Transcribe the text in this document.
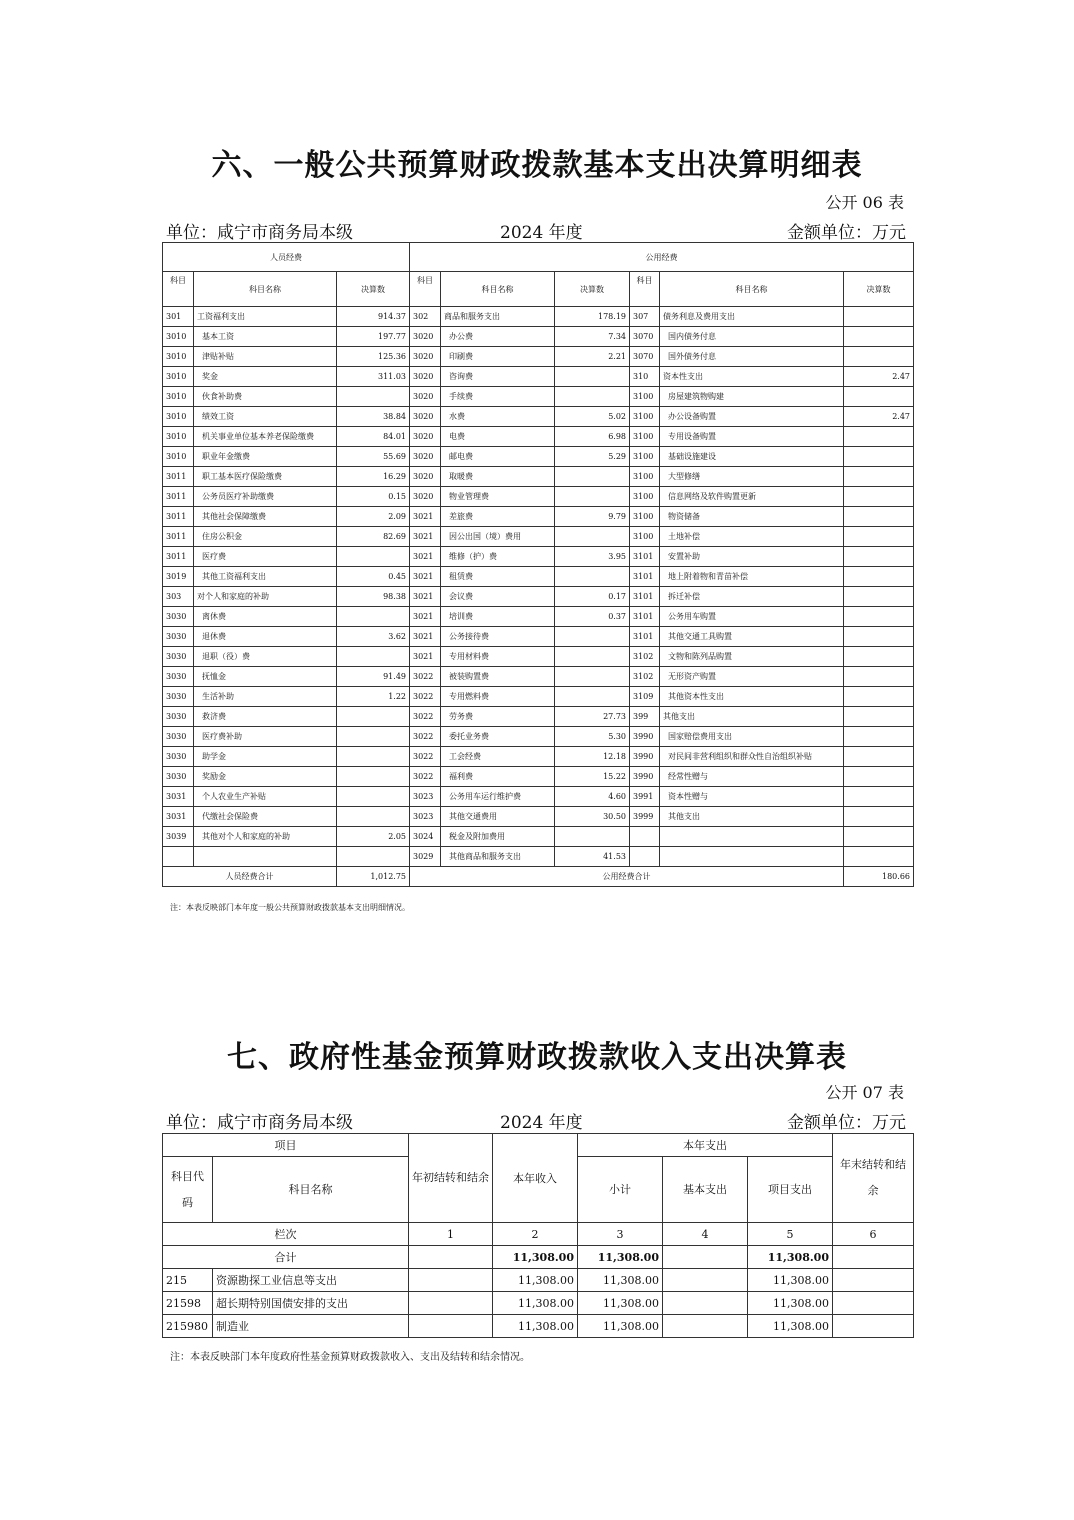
六、一般公共预算财政拨款基本支出决算明细表
公开 06 表
单位：咸宁市商务局本级	2024 年度	金额单位：万元
人员经费			公用经费					
科目	科目名称	决算数	科目	科目名称	决算数	科目	科目名称	决算数
301	工资福利支出	914.37	302	商品和服务支出	178.19	307	债务利息及费用支出	
3010	基本工资	197.77	3020	办公费	7.34	3070	国内债务付息	
3010	津贴补贴	125.36	3020	印刷费	2.21	3070	国外债务付息	
3010	奖金	311.03	3020	咨询费		310	资本性支出	2.47
3010	伙食补助费		3020	手续费		3100	房屋建筑物购建	
3010	绩效工资	38.84	3020	水费	5.02	3100	办公设备购置	2.47
3010	机关事业单位基本养老保险缴费	84.01	3020	电费	6.98	3100	专用设备购置	
3010	职业年金缴费	55.69	3020	邮电费	5.29	3100	基础设施建设	
3011	职工基本医疗保险缴费	16.29	3020	取暖费		3100	大型修缮	
3011	公务员医疗补助缴费	0.15	3020	物业管理费		3100	信息网络及软件购置更新	
3011	其他社会保障缴费	2.09	3021	差旅费	9.79	3100	物资储备	
3011	住房公积金	82.69	3021	因公出国（境）费用		3100	土地补偿	
3011	医疗费		3021	维修（护）费	3.95	3101	安置补助	
3019	其他工资福利支出	0.45	3021	租赁费		3101	地上附着物和青苗补偿	
303	对个人和家庭的补助	98.38	3021	会议费	0.17	3101	拆迁补偿	
3030	离休费		3021	培训费	0.37	3101	公务用车购置	
3030	退休费	3.62	3021	公务接待费		3101	其他交通工具购置	
3030	退职（役）费		3021	专用材料费		3102	文物和陈列品购置	
3030	抚恤金	91.49	3022	被装购置费		3102	无形资产购置	
3030	生活补助	1.22	3022	专用燃料费		3109	其他资本性支出	
3030	救济费		3022	劳务费	27.73	399	其他支出	
3030	医疗费补助		3022	委托业务费	5.30	3990	国家赔偿费用支出	
3030	助学金		3022	工会经费	12.18	3990	对民间非营利组织和群众性自治组织补贴	
3030	奖励金		3022	福利费	15.22	3990	经常性赠与	
3031	个人农业生产补贴		3023	公务用车运行维护费	4.60	3991	资本性赠与	
3031	代缴社会保险费		3023	其他交通费用	30.50	3999	其他支出	
3039	其他对个人和家庭的补助	2.05	3024	税金及附加费用				
			3029	其他商品和服务支出	41.53			
人员经费合计		1,012.75	公用经费合计					180.66
注：本表反映部门本年度一般公共预算财政拨款基本支出明细情况。
七、政府性基金预算财政拨款收入支出决算表
公开 07 表
单位：咸宁市商务局本级	2024 年度	金额单位：万元
项目		年初结转和结余	本年收入	本年支出			年末结转和结余
科目代码	科目名称			小计	基本支出	项目支出	
栏次		1	2	3	4	5	6
合计			11,308.00	11,308.00		11,308.00	
215	资源勘探工业信息等支出		11,308.00	11,308.00		11,308.00	
21598	超长期特别国债安排的支出		11,308.00	11,308.00		11,308.00	
215980	制造业		11,308.00	11,308.00		11,308.00	
注：本表反映部门本年度政府性基金预算财政拨款收入、支出及结转和结余情况。
